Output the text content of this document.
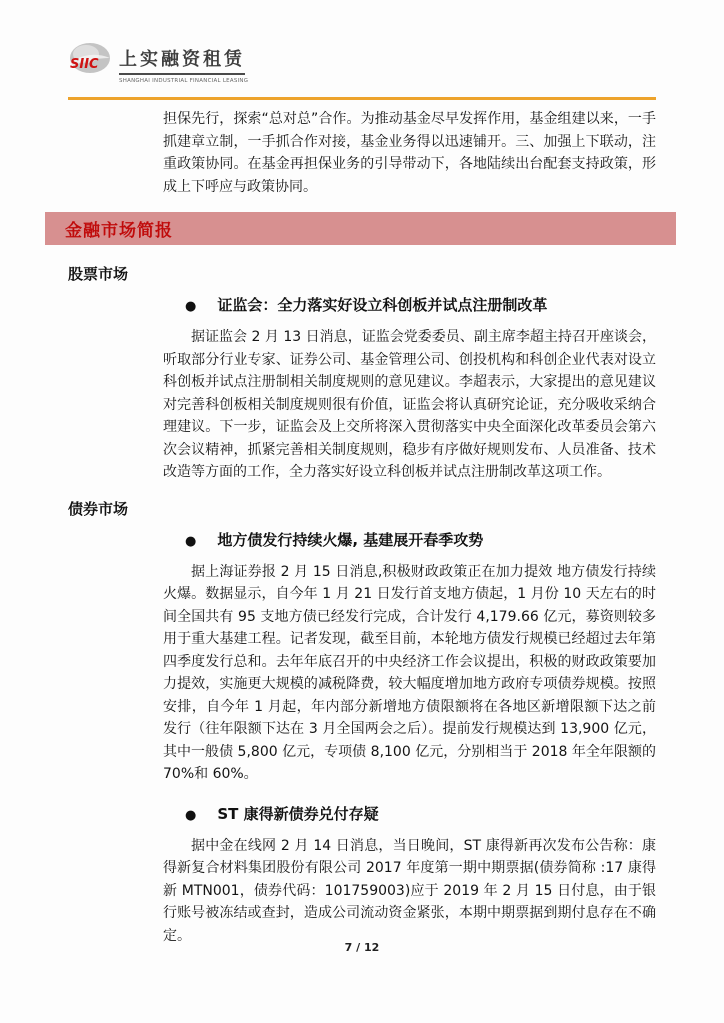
SIIC 上实融资租赁
SHANGHAI INDUSTRIAL FINANCIAL LEASING

担保先行，探索“总对总”合作。为推动基金尽早发挥作用，基金组建以来，一手抓建章立制，一手抓合作对接，基金业务得以迅速铺开。三、加强上下联动，注重政策协同。在基金再担保业务的引导带动下，各地陆续出台配套支持政策，形成上下呼应与政策协同。

金融市场简报
股票市场
● 证监会：全力落实好设立科创板并试点注册制改革

据证监会 2 月 13 日消息，证监会党委委员、副主席李超主持召开座谈会，听取部分行业专家、证券公司、基金管理公司、创投机构和科创企业代表对设立科创板并试点注册制相关制度规则的意见建议。李超表示，大家提出的意见建议对完善科创板相关制度规则很有价值，证监会将认真研究论证，充分吸收采纳合理建议。下一步，证监会及上交所将深入贯彻落实中央全面深化改革委员会第六次会议精神，抓紧完善相关制度规则，稳步有序做好规则发布、人员准备、技术改造等方面的工作，全力落实好设立科创板并试点注册制改革这项工作。

债券市场
● 地方债发行持续火爆, 基建展开春季攻势

据上海证券报 2 月 15 日消息,积极财政政策正在加力提效 地方债发行持续火爆。数据显示，自今年 1 月 21 日发行首支地方债起，1 月份 10 天左右的时间全国共有 95 支地方债已经发行完成，合计发行 4,179.66 亿元，募资则较多用于重大基建工程。记者发现，截至目前，本轮地方债发行规模已经超过去年第四季度发行总和。去年年底召开的中央经济工作会议提出，积极的财政政策要加力提效，实施更大规模的减税降费，较大幅度增加地方政府专项债券规模。按照安排，自今年 1 月起，年内部分新增地方债限额将在各地区新增限额下达之前发行（往年限额下达在 3 月全国两会之后）。提前发行规模达到 13,900 亿元，其中一般债 5,800 亿元，专项债 8,100 亿元，分别相当于 2018 年全年限额的 70%和 60%。

● ST 康得新债券兑付存疑

据中金在线网 2 月 14 日消息，当日晚间，ST 康得新再次发布公告称：康得新复合材料集团股份有限公司 2017 年度第一期中期票据(债券简称 :17 康得新 MTN001，债券代码：101759003)应于 2019 年 2 月 15 日付息，由于银行账号被冻结或查封，造成公司流动资金紧张，本期中期票据到期付息存在不确定。

7 / 12
